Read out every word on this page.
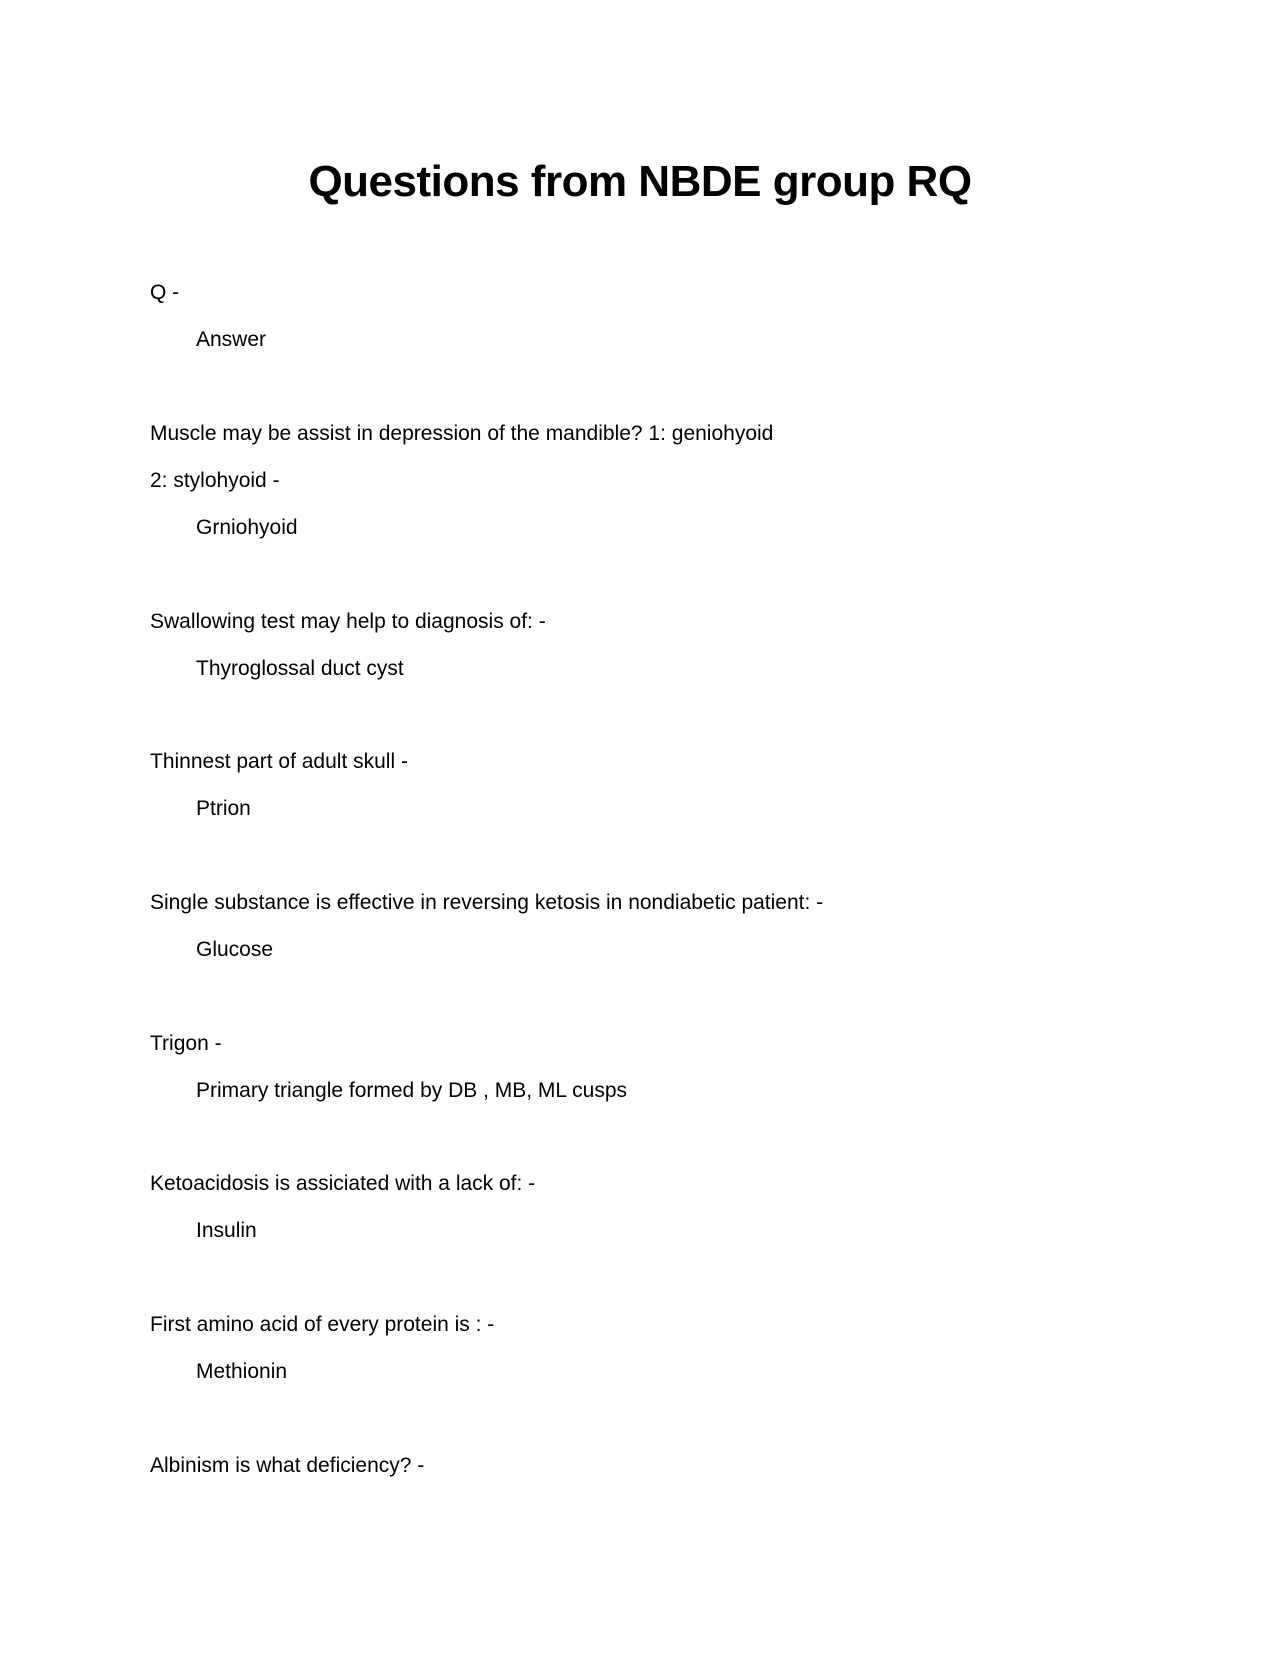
Questions from NBDE group RQ
Q -
Answer
Muscle may be assist in depression of the mandible? 1: geniohyoid
2: stylohyoid -
Grniohyoid
Swallowing test may help to diagnosis of: -
Thyroglossal duct cyst
Thinnest part of adult skull -
Ptrion
Single substance is effective in reversing ketosis in nondiabetic patient: -
Glucose
Trigon -
Primary triangle formed by DB , MB, ML cusps
Ketoacidosis is assiciated with a lack of: -
Insulin
First amino acid of every protein is : -
Methionin
Albinism is what deficiency? -
